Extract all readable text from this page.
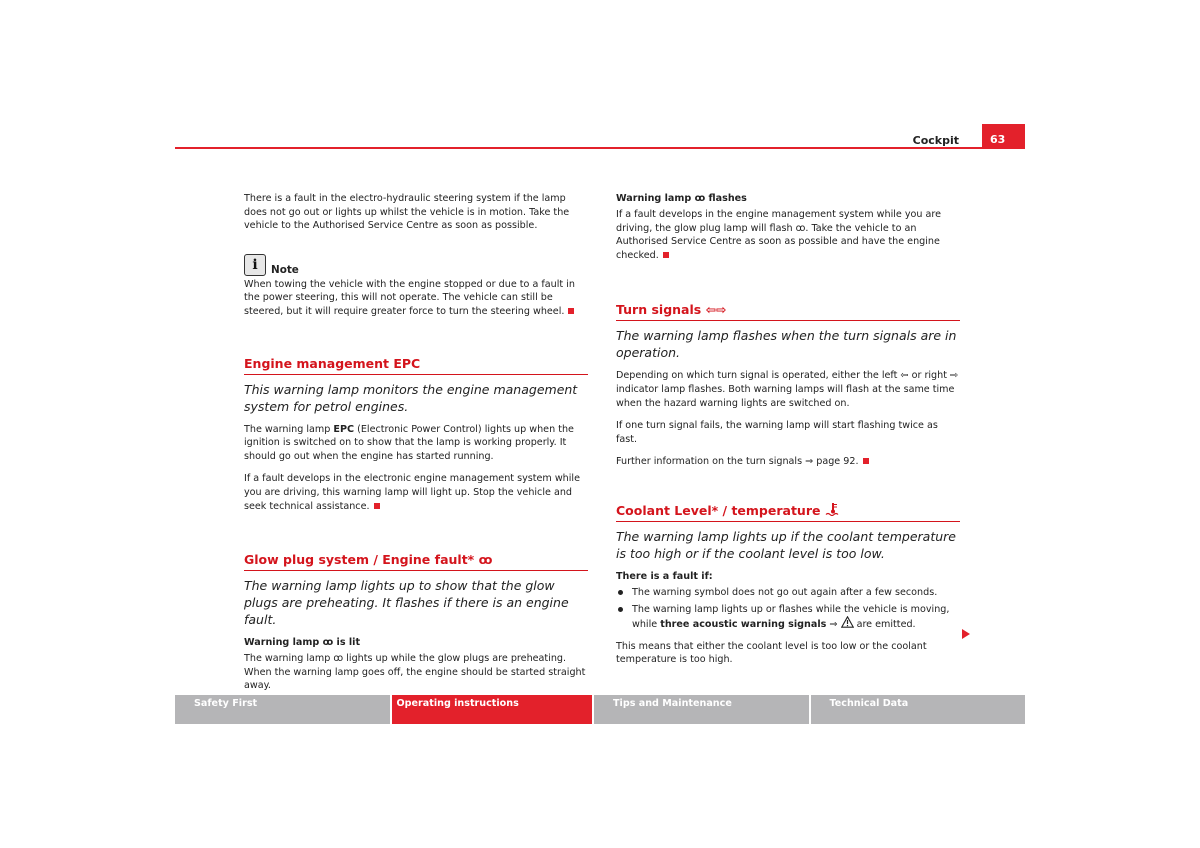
Cockpit	63

There is a fault in the electro-hydraulic steering system if the lamp does not go out or lights up whilst the vehicle is in motion. Take the vehicle to the Authorised Service Centre as soon as possible.

i	Note

When towing the vehicle with the engine stopped or due to a fault in the power steering, this will not operate. The vehicle can still be steered, but it will require greater force to turn the steering wheel.

Engine management EPC

This warning lamp monitors the engine management system for petrol engines.

The warning lamp EPC (Electronic Power Control) lights up when the ignition is switched on to show that the lamp is working properly. It should go out when the engine has started running.

If a fault develops in the electronic engine management system while you are driving, this warning lamp will light up. Stop the vehicle and seek technical assistance.

Glow plug system / Engine fault* ꝏ

The warning lamp lights up to show that the glow plugs are preheating. It flashes if there is an engine fault.

Warning lamp ꝏ is lit

The warning lamp ꝏ lights up while the glow plugs are preheating. When the warning lamp goes off, the engine should be started straight away.

Warning lamp ꝏ flashes

If a fault develops in the engine management system while you are driving, the glow plug lamp will flash ꝏ. Take the vehicle to an Authorised Service Centre as soon as possible and have the engine checked.

Turn signals ⇦⇨

The warning lamp flashes when the turn signals are in operation.

Depending on which turn signal is operated, either the left ⇦ or right ⇨ indicator lamp flashes. Both warning lamps will flash at the same time when the hazard warning lights are switched on.

If one turn signal fails, the warning lamp will start flashing twice as fast.

Further information on the turn signals ⇒ page 92.

Coolant Level* / temperature

The warning lamp lights up if the coolant temperature is too high or if the coolant level is too low.

There is a fault if:
The warning symbol does not go out again after a few seconds.
The warning lamp lights up or flashes while the vehicle is moving, while three acoustic warning signals ⇒ are emitted.

This means that either the coolant level is too low or the coolant temperature is too high.

Safety First	Operating instructions	Tips and Maintenance	Technical Data
